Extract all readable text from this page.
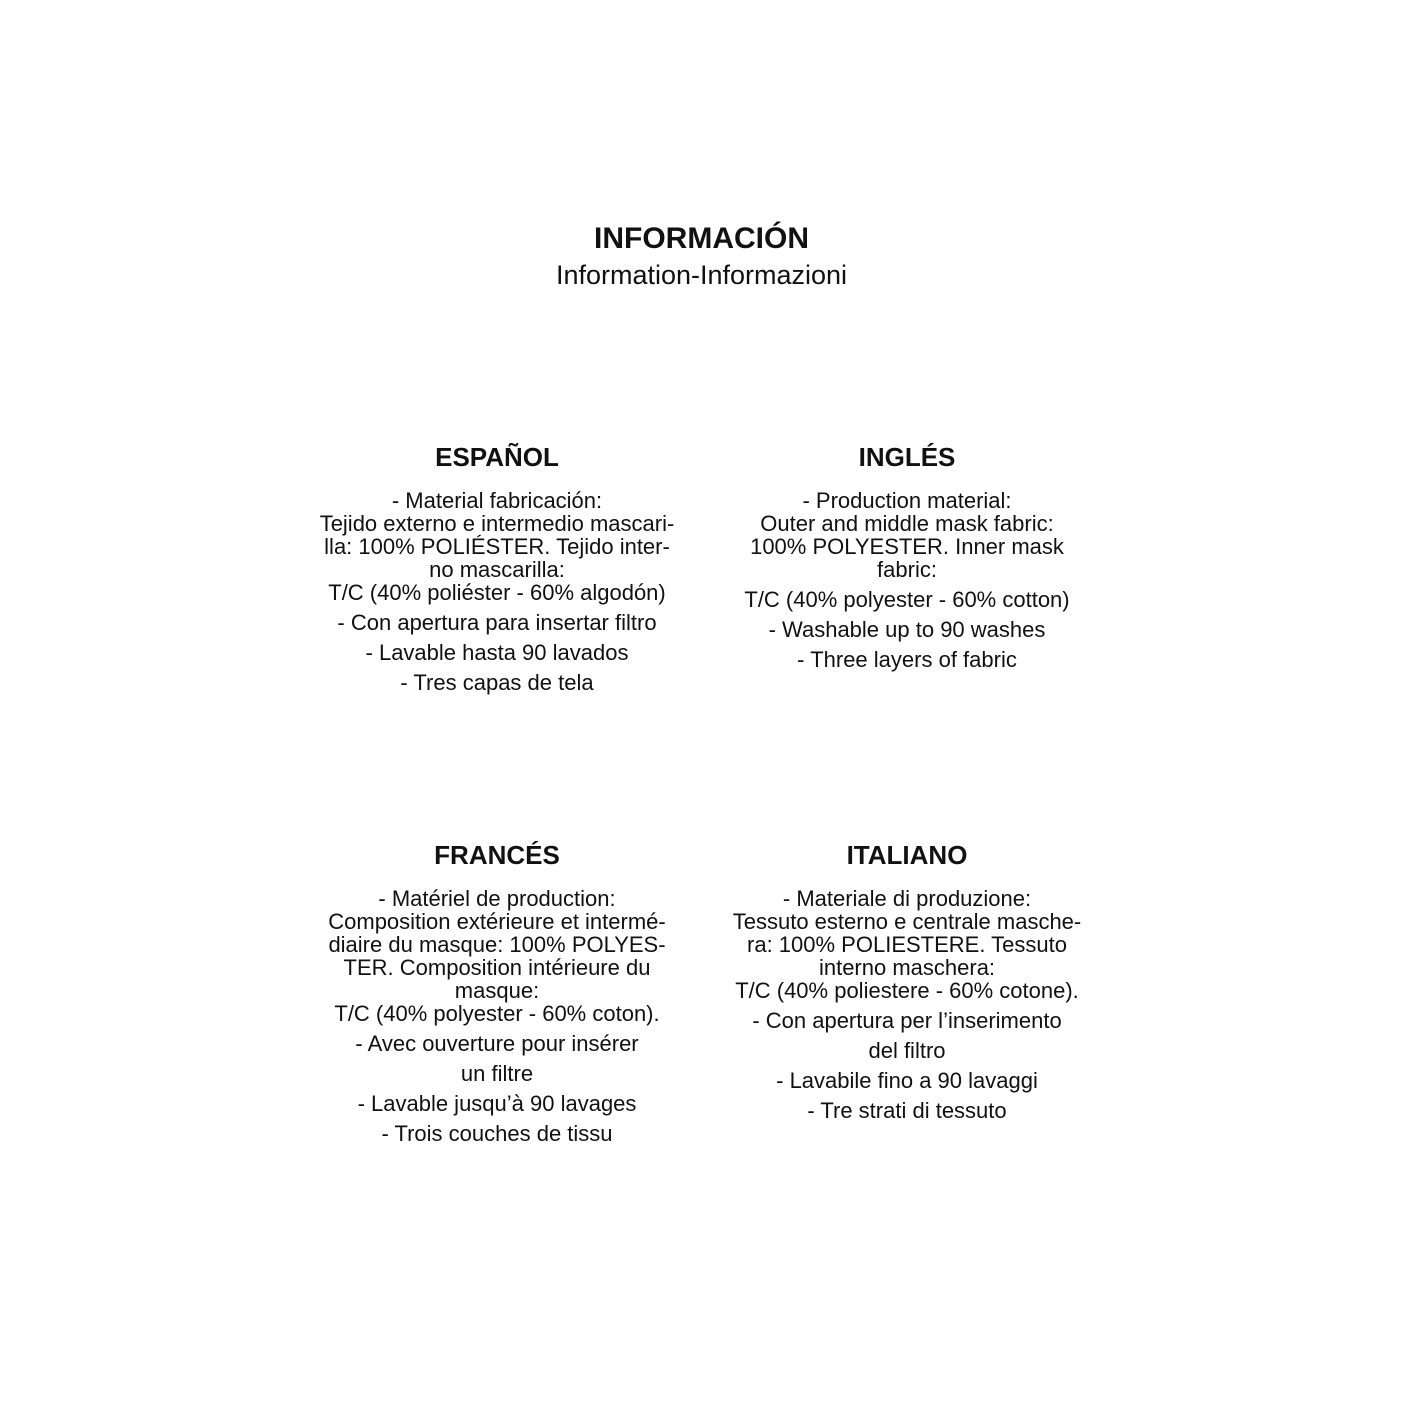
INFORMACIÓN

Information-Informazioni

ESPAÑOL

- Material fabricación:
Tejido externo e intermedio mascari-
lla: 100% POLIÉSTER. Tejido inter-
no mascarilla:
T/C (40% poliéster - 60% algodón)
- Con apertura para insertar filtro
- Lavable hasta 90 lavados
- Tres capas de tela

INGLÉS

- Production material:
Outer and middle mask fabric:
100% POLYESTER. Inner mask
fabric:
T/C (40% polyester - 60% cotton)
- Washable up to 90 washes
- Three layers of fabric

FRANCÉS

- Matériel de production:
Composition extérieure et intermé-
diaire du masque: 100% POLYES-
TER. Composition intérieure du
masque:
T/C (40% polyester - 60% coton).
- Avec ouverture pour insérer
un filtre
- Lavable jusqu’à 90 lavages
- Trois couches de tissu

ITALIANO

- Materiale di produzione:
Tessuto esterno e centrale masche-
ra: 100% POLIESTERE. Tessuto
interno maschera:
T/C (40% poliestere - 60% cotone).
- Con apertura per l’inserimento
del filtro
- Lavabile fino a 90 lavaggi
- Tre strati di tessuto
